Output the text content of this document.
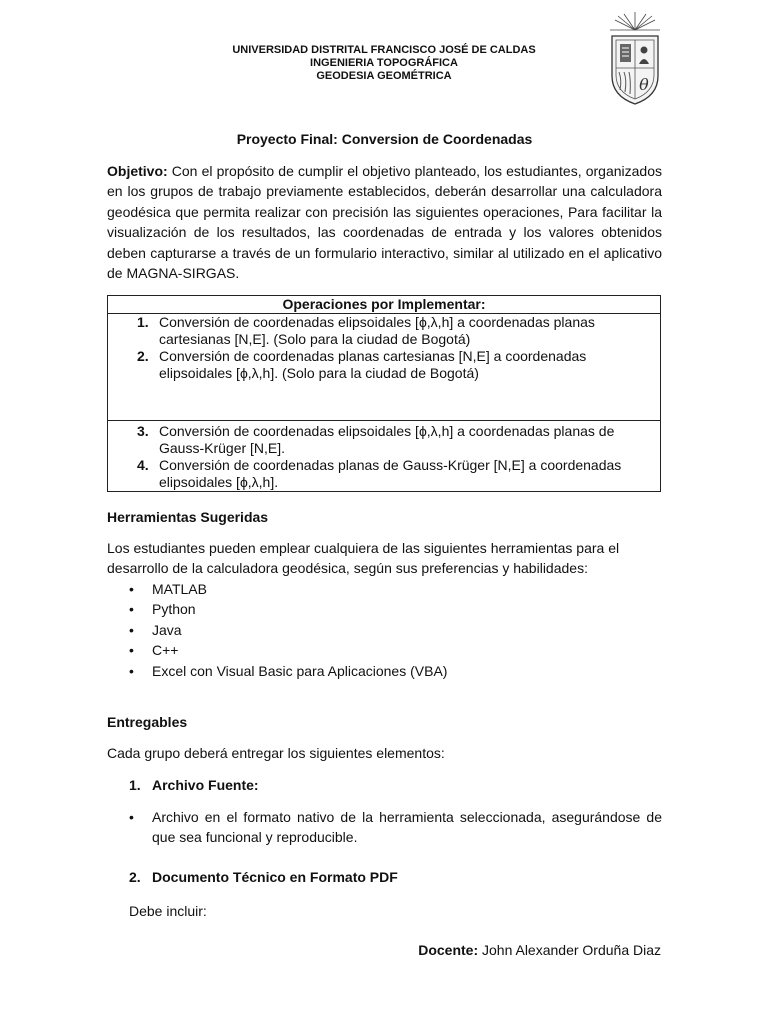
UNIVERSIDAD DISTRITAL FRANCISCO JOSÉ DE CALDAS
INGENIERIA TOPOGRÁFICA
GEODESIA GEOMÉTRICA	θ
Proyecto Final: Conversion de Coordenadas

Objetivo: Con el propósito de cumplir el objetivo planteado, los estudiantes, organizados en los grupos de trabajo previamente establecidos, deberán desarrollar una calculadora geodésica que permita realizar con precisión las siguientes operaciones, Para facilitar la visualización de los resultados, las coordenadas de entrada y los valores obtenidos deben capturarse a través de un formulario interactivo, similar al utilizado en el aplicativo de MAGNA-SIRGAS.

Operaciones por Implementar:

1. Conversión de coordenadas elipsoidales [ϕ,λ,h] a coordenadas planas cartesianas [N,E]. (Solo para la ciudad de Bogotá)
2. Conversión de coordenadas planas cartesianas [N,E] a coordenadas elipsoidales [ϕ,λ,h]. (Solo para la ciudad de Bogotá)

3. Conversión de coordenadas elipsoidales [ϕ,λ,h] a coordenadas planas de Gauss-Krüger [N,E].
4. Conversión de coordenadas planas de Gauss-Krüger [N,E] a coordenadas elipsoidales [ϕ,λ,h].
Herramientas Sugeridas

Los estudiantes pueden emplear cualquiera de las siguientes herramientas para el desarrollo de la calculadora geodésica, según sus preferencias y habilidades:

• MATLAB
• Python
• Java
• C++
• Excel con Visual Basic para Aplicaciones (VBA)
Entregables

Cada grupo deberá entregar los siguientes elementos:

1. Archivo Fuente:
• Archivo en el formato nativo de la herramienta seleccionada, asegurándose de que sea funcional y reproducible.
2. Documento Técnico en Formato PDF

Debe incluir:

Docente: John Alexander Orduña Diaz
